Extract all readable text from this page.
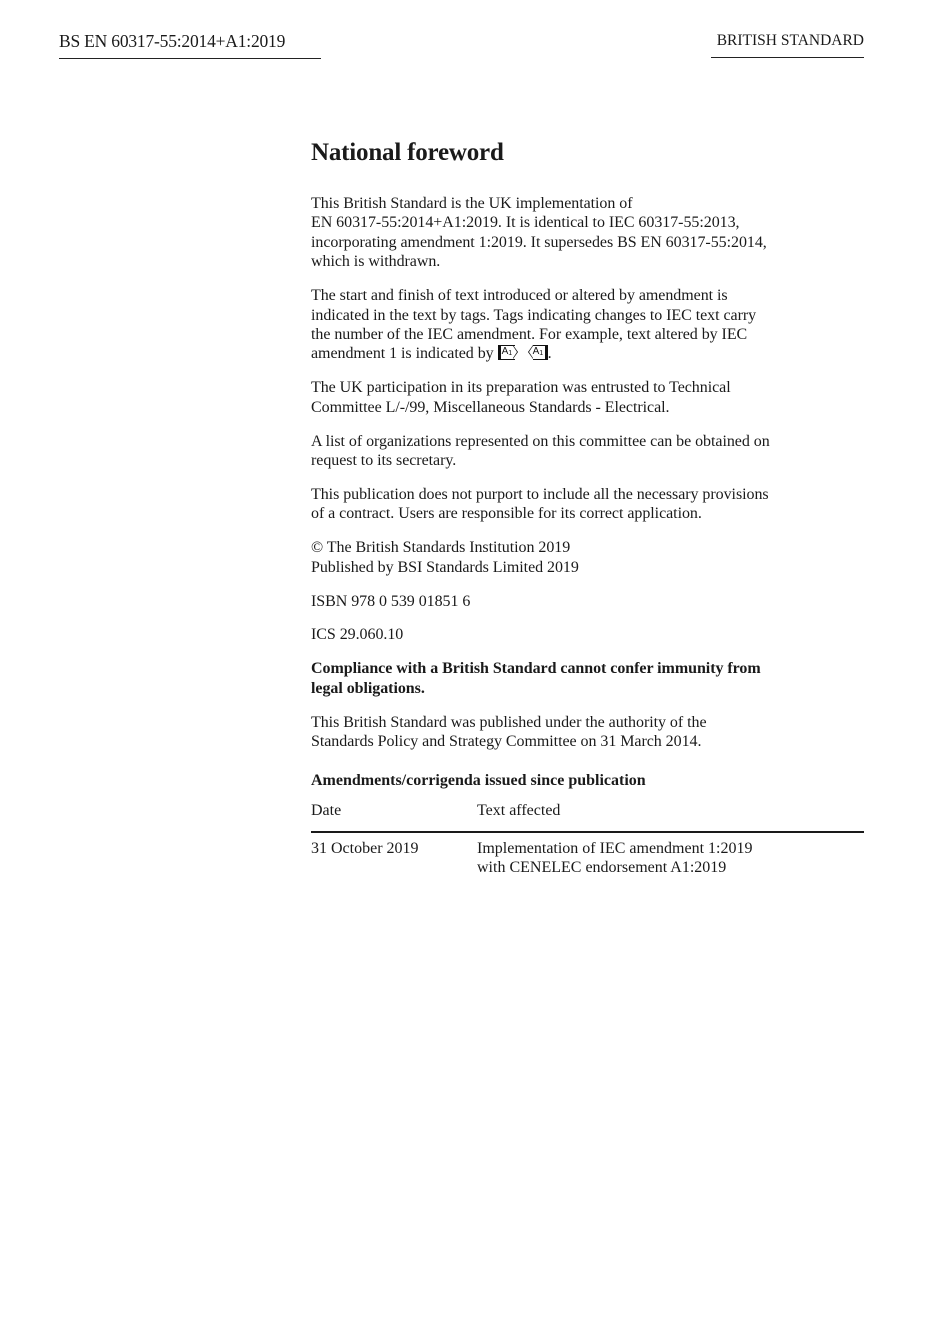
BS EN 60317-55:2014+A1:2019	BRITISH STANDARD
National foreword

This British Standard is the UK implementation of
EN 60317-55:2014+A1:2019. It is identical to IEC 60317-55:2013,
incorporating amendment 1:2019. It supersedes BS EN 60317-55:2014,
which is withdrawn.

The start and finish of text introduced or altered by amendment is
indicated in the text by tags. Tags indicating changes to IEC text carry
the number of the IEC amendment. For example, text altered by IEC
amendment 1 is indicated by $A_1$ $A_1$ .

The UK participation in its preparation was entrusted to Technical
Committee L/-/99, Miscellaneous Standards - Electrical.

A list of organizations represented on this committee can be obtained on
request to its secretary.

This publication does not purport to include all the necessary provisions
of a contract. Users are responsible for its correct application.

© The British Standards Institution 2019
Published by BSI Standards Limited 2019

ISBN 978 0 539 01851 6

ICS 29.060.10

Compliance with a British Standard cannot confer immunity from
legal obligations.

This British Standard was published under the authority of the
Standards Policy and Strategy Committee on 31 March 2014.

Amendments/corrigenda issued since publication
Date	Text affected
31 October 2019	Implementation of IEC amendment 1:2019
with CENELEC endorsement A1:2019
